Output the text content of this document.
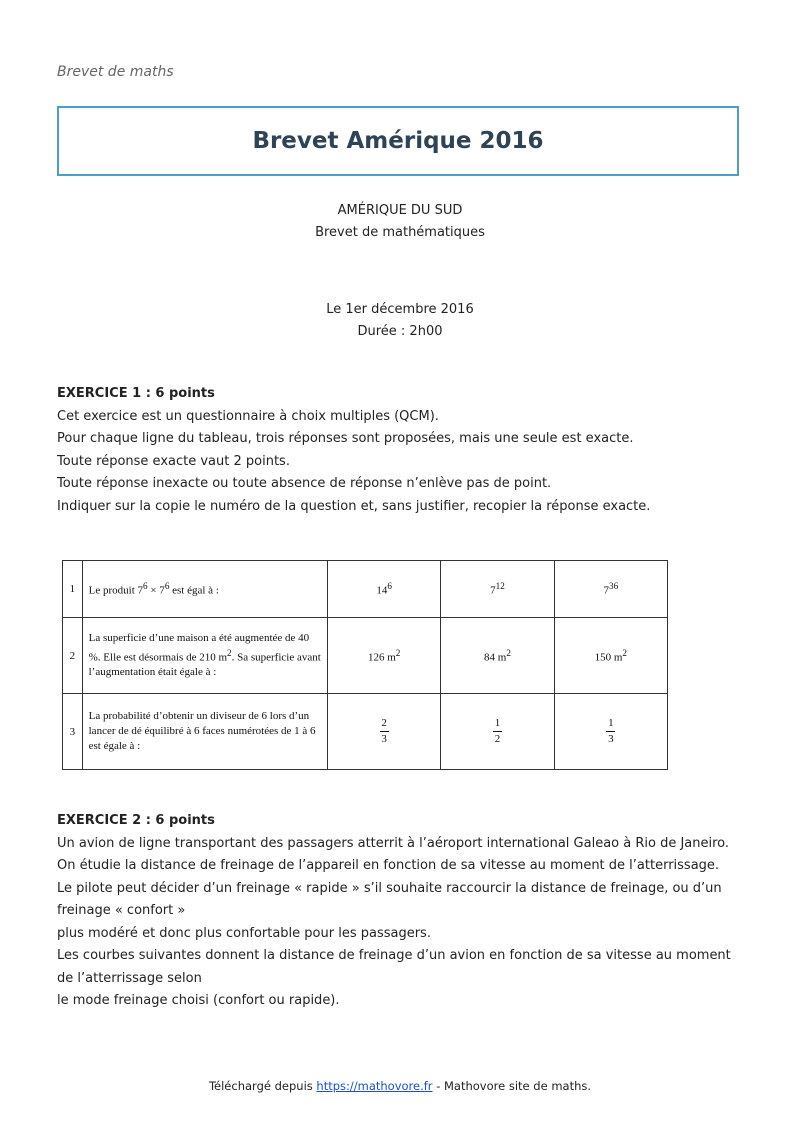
Brevet de maths
Brevet Amérique 2016
AMÉRIQUE DU SUD
Brevet de mathématiques
Le 1er décembre 2016
Durée : 2h00

EXERCICE 1 : 6 points

Cet exercice est un questionnaire à choix multiples (QCM).

Pour chaque ligne du tableau, trois réponses sont proposées, mais une seule est exacte.

Toute réponse exacte vaut 2 points.

Toute réponse inexacte ou toute absence de réponse n’enlève pas de point.

Indiquer sur la copie le numéro de la question et, sans justifier, recopier la réponse exacte.

1	Le produit $7^6 \times 7^6$ est égal à :	$14^6$	$7^{12}$	$7^{36}$
2	La superficie d’une maison a été augmentée de 40 %. Elle est désormais de 210 $m^2$. Sa superficie avant l’augmentation était égale à :	126 $m^2$	84 $m^2$	150 $m^2$
3	La probabilité d’obtenir un diviseur de 6 lors d’un lancer de dé équilibré à 6 faces numérotées de 1 à 6 est égale à :	$\frac{2}{3}$	$\frac{1}{2}$	$\frac{1}{3}$

EXERCICE 2 : 6 points

Un avion de ligne transportant des passagers atterrit à l’aéroport international Galeao à Rio de Janeiro.

On étudie la distance de freinage de l’appareil en fonction de sa vitesse au moment de l’atterrissage.

Le pilote peut décider d’un freinage « rapide » s’il souhaite raccourcir la distance de freinage, ou d’un freinage « confort »

plus modéré et donc plus confortable pour les passagers.

Les courbes suivantes donnent la distance de freinage d’un avion en fonction de sa vitesse au moment de l’atterrissage selon

le mode freinage choisi (confort ou rapide).

Téléchargé depuis https://mathovore.fr - Mathovore site de maths.
